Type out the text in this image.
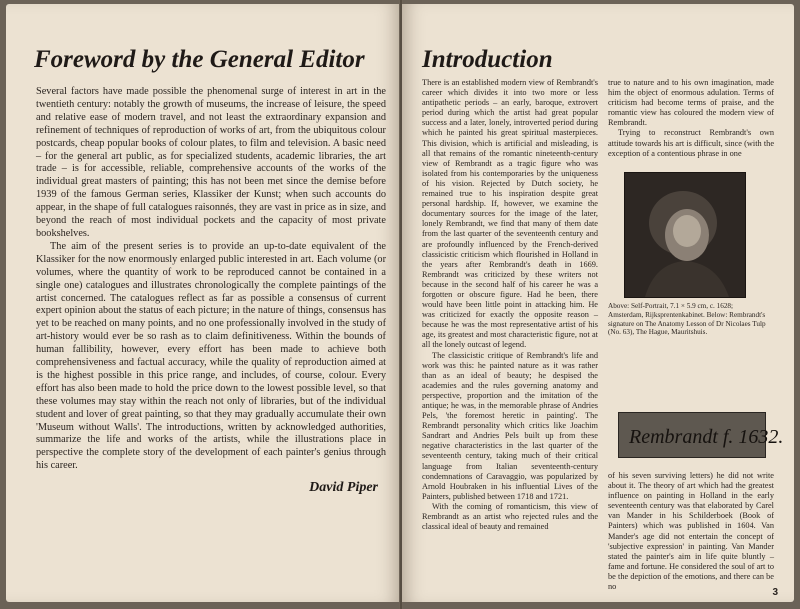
Foreword by the General Editor

Several factors have made possible the phenomenal surge of interest in art in the twentieth century: notably the growth of museums, the increase of leisure, the speed and relative ease of modern travel, and not least the extraordinary expansion and refinement of techniques of reproduction of works of art, from the ubiquitous colour postcards, cheap popular books of colour plates, to film and television. A basic need – for the general art public, as for specialized students, academic libraries, the art trade – is for accessible, reliable, comprehensive accounts of the works of the individual great masters of painting; this has not been met since the demise before 1939 of the famous German series, Klassiker der Kunst; when such accounts do appear, in the shape of full catalogues raisonnés, they are vast in price as in size, and beyond the reach of most individual pockets and the capacity of most private bookshelves.

The aim of the present series is to provide an up-to-date equivalent of the Klassiker for the now enormously enlarged public interested in art. Each volume (or volumes, where the quantity of work to be reproduced cannot be contained in a single one) catalogues and illustrates chronologically the complete paintings of the artist concerned. The catalogues reflect as far as possible a consensus of current expert opinion about the status of each picture; in the nature of things, consensus has yet to be reached on many points, and no one professionally involved in the study of art-history would ever be so rash as to claim definitiveness. Within the bounds of human fallibility, however, every effort has been made to achieve both comprehensiveness and factual accuracy, while the quality of reproduction aimed at is the highest possible in this price range, and includes, of course, colour. Every effort has also been made to hold the price down to the lowest possible level, so that these volumes may stay within the reach not only of libraries, but of the individual student and lover of great painting, so that they may gradually accumulate their own 'Museum without Walls'. The introductions, written by acknowledged authorities, summarize the life and works of the artists, while the illustrations place in perspective the complete story of the development of each painter's genius through his career.

David Piper

Introduction

There is an established modern view of Rembrandt's career which divides it into two more or less antipathetic periods – an early, baroque, extrovert period during which the artist had great popular success and a later, lonely, introverted period during which he painted his great spiritual masterpieces. This division, which is artificial and misleading, is all that remains of the romantic nineteenth-century view of Rembrandt as a tragic figure who was isolated from his contemporaries by the uniqueness of his vision. Rejected by Dutch society, he remained true to his inspiration despite great personal hardship. If, however, we examine the documentary sources for the image of the later, lonely Rembrandt, we find that many of them date from the last quarter of the seventeenth century and are profoundly influenced by the French-derived classicistic criticism which flourished in Holland in the years after Rembrandt's death in 1669. Rembrandt was criticized by these writers not because in the second half of his career he was a forgotten or obscure figure. Had he been, there would have been little point in attacking him. He was criticized for exactly the opposite reason – because he was the most representative artist of his age, its greatest and most characteristic figure, not at all the lonely outcast of legend.

The classicistic critique of Rembrandt's life and work was this: he painted nature as it was rather than as an ideal of beauty; he despised the academies and the rules governing anatomy and perspective, proportion and the imitation of the antique; he was, in the memorable phrase of Andries Pels, 'the foremost heretic in painting'. The Rembrandt personality which critics like Joachim Sandrart and Andries Pels built up from these negative characteristics in the last quarter of the seventeenth century, taking much of their critical language from Italian seventeenth-century condemnations of Caravaggio, was popularized by Arnold Houbraken in his influential Lives of the Painters, published between 1718 and 1721.

With the coming of romanticism, this view of Rembrandt as an artist who rejected rules and the classical ideal of beauty and remained

true to nature and to his own imagination, made him the object of enormous adulation. Terms of criticism had become terms of praise, and the romantic view has coloured the modern view of Rembrandt.

Trying to reconstruct Rembrandt's own attitude towards his art is difficult, since (with the exception of a contentious phrase in one

Above: Self-Portrait, 7.1 × 5.9 cm, c. 1628; Amsterdam, Rijksprentenkabinet. Below: Rembrandt's signature on The Anatomy Lesson of Dr Nicolaes Tulp (No. 63), The Hague, Mauritshuis.

Rembrandt f. 1632.

of his seven surviving letters) he did not write about it. The theory of art which had the greatest influence on painting in Holland in the early seventeenth century was that elaborated by Carel van Mander in his Schilderboek (Book of Painters) which was published in 1604. Van Mander's age did not entertain the concept of 'subjective expression' in painting. Van Mander stated the painter's aim in life quite bluntly – fame and fortune. He considered the soul of art to be the depiction of the emotions, and there can be no

3
